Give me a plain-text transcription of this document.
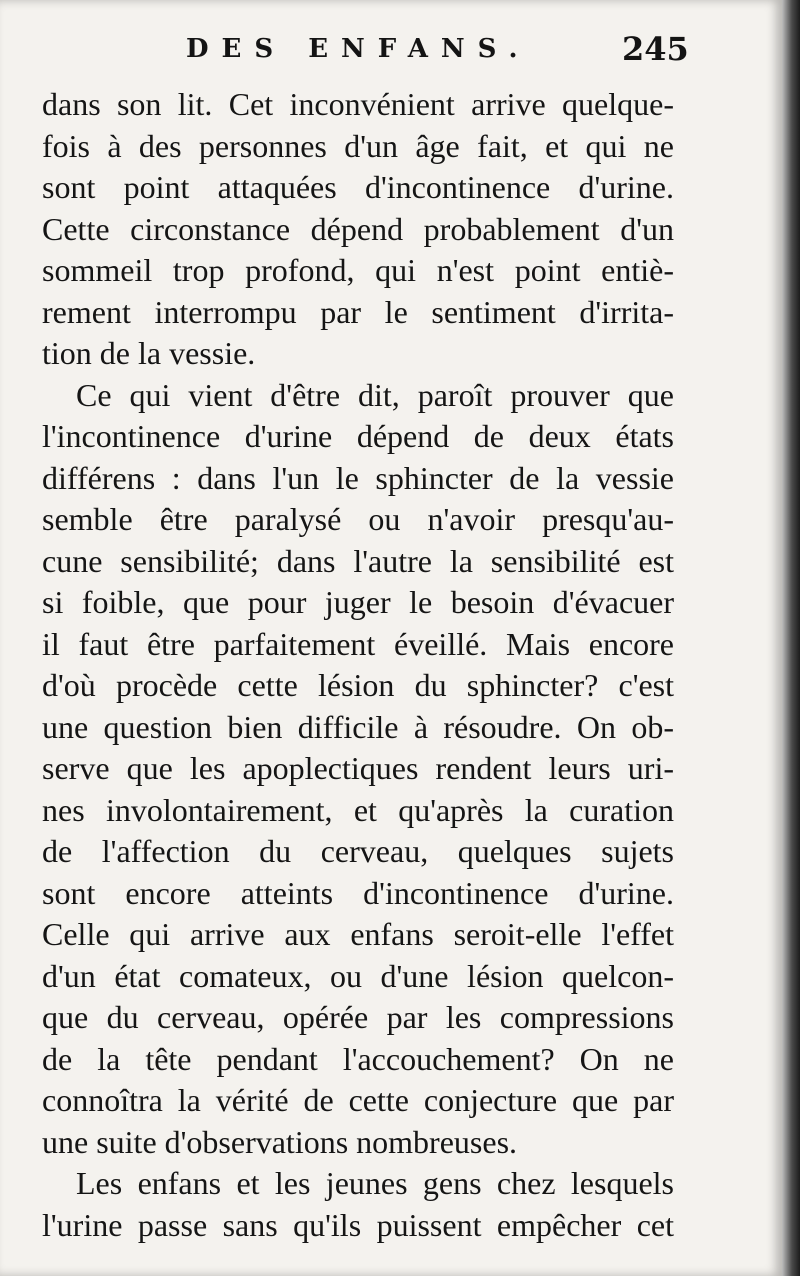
DES ENFANS.	245
dans son lit. Cet inconvénient arrive quelque-
fois à des personnes d'un âge fait, et qui ne
sont point attaquées d'incontinence d'urine.
Cette circonstance dépend probablement d'un
sommeil trop profond, qui n'est point entiè-
rement interrompu par le sentiment d'irrita-
tion de la vessie.
Ce qui vient d'être dit, paroît prouver que
l'incontinence d'urine dépend de deux états
différens : dans l'un le sphincter de la vessie
semble être paralysé ou n'avoir presqu'au-
cune sensibilité; dans l'autre la sensibilité est
si foible, que pour juger le besoin d'évacuer
il faut être parfaitement éveillé. Mais encore
d'où procède cette lésion du sphincter? c'est
une question bien difficile à résoudre. On ob-
serve que les apoplectiques rendent leurs uri-
nes involontairement, et qu'après la curation
de l'affection du cerveau, quelques sujets
sont encore atteints d'incontinence d'urine.
Celle qui arrive aux enfans seroit-elle l'effet
d'un état comateux, ou d'une lésion quelcon-
que du cerveau, opérée par les compressions
de la tête pendant l'accouchement? On ne
connoîtra la vérité de cette conjecture que par
une suite d'observations nombreuses.
Les enfans et les jeunes gens chez lesquels
l'urine passe sans qu'ils puissent empêcher cet
